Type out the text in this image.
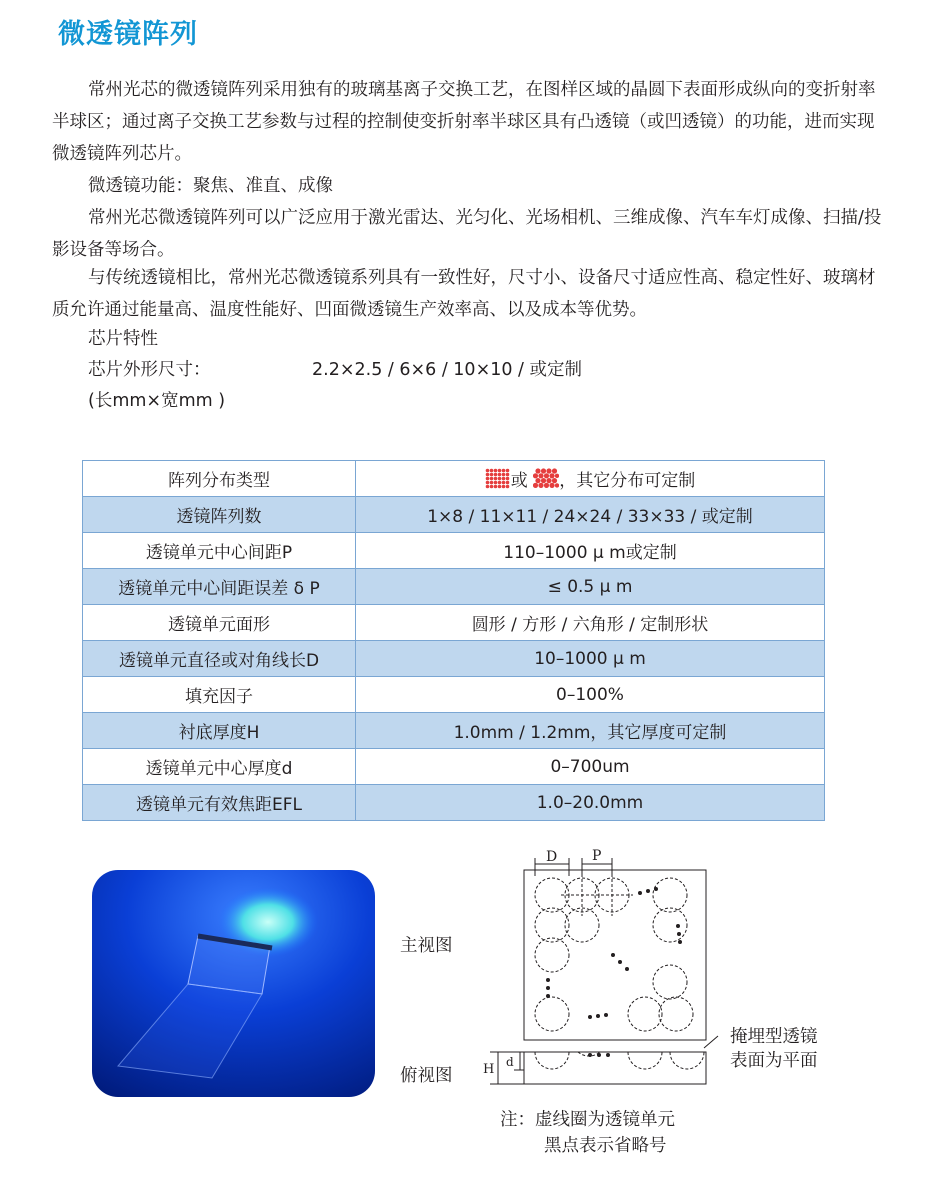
微透镜阵列

常州光芯的微透镜阵列采用独有的玻璃基离子交换工艺，在图样区域的晶圆下表面形成纵向的变折射率半球区；通过离子交换工艺参数与过程的控制使变折射率半球区具有凸透镜（或凹透镜）的功能，进而实现微透镜阵列芯片。

微透镜功能：聚焦、准直、成像

常州光芯微透镜阵列可以广泛应用于激光雷达、光匀化、光场相机、三维成像、汽车车灯成像、扫描/投影设备等场合。

与传统透镜相比，常州光芯微透镜系列具有一致性好，尺寸小、设备尺寸适应性高、稳定性好、玻璃材质允许通过能量高、温度性能好、凹面微透镜生产效率高、以及成本等优势。

芯片特性
芯片外形尺寸：	2.2×2.5 / 6×6 / 10×10 / 或定制
(长mm×宽mm )
阵列分布类型	或 ，其它分布可定制
透镜阵列数	1×8 / 11×11 / 24×24 / 33×33 / 或定制
透镜单元中心间距P	110–1000 μ m或定制
透镜单元中心间距误差 δ P	≤ 0.5 μ m
透镜单元面形	圆形 / 方形 / 六角形 / 定制形状
透镜单元直径或对角线长D	10–1000 μ m
填充因子	0–100%
衬底厚度H	1.0mm / 1.2mm，其它厚度可定制
透镜单元中心厚度d	0–700um
透镜单元有效焦距EFL	1.0–20.0mm
主视图
俯视图
掩埋型透镜
表面为平面
注：虚线圈为透镜单元
黑点表示省略号
D P
H d
